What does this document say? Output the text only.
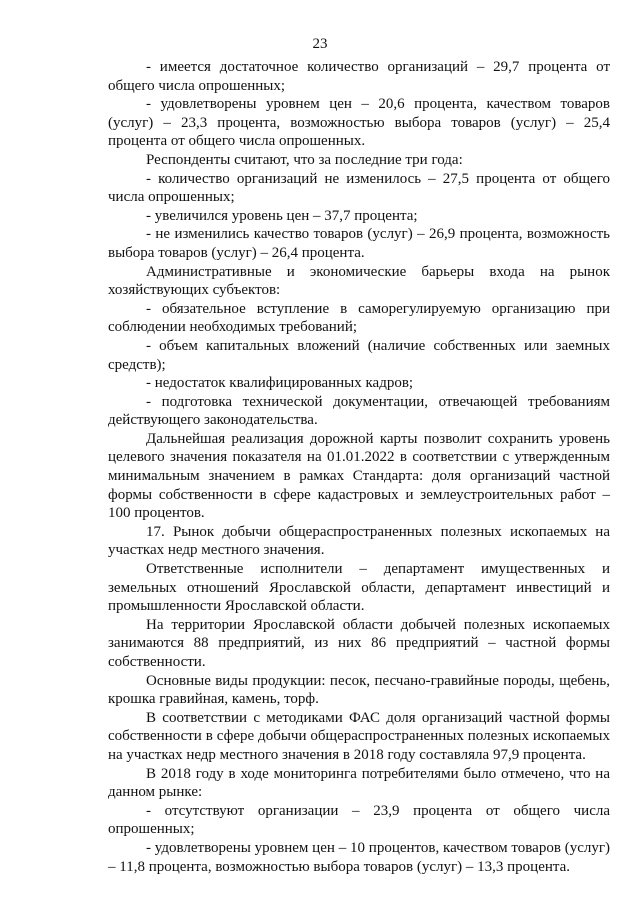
23

- имеется достаточное количество организаций – 29,7 процента от общего числа опрошенных;

- удовлетворены уровнем цен – 20,6 процента, качеством товаров (услуг) – 23,3 процента, возможностью выбора товаров (услуг) – 25,4 процента от общего числа опрошенных.

Респонденты считают, что за последние три года:

- количество организаций не изменилось – 27,5 процента от общего числа опрошенных;

- увеличился уровень цен – 37,7 процента;

- не изменились качество товаров (услуг) – 26,9 процента, возможность выбора товаров (услуг) – 26,4 процента.

Административные и экономические барьеры входа на рынок хозяйствующих субъектов:

- обязательное вступление в саморегулируемую организацию при соблюдении необходимых требований;

- объем капитальных вложений (наличие собственных или заемных средств);

- недостаток квалифицированных кадров;

- подготовка технической документации, отвечающей требованиям действующего законодательства.

Дальнейшая реализация дорожной карты позволит сохранить уровень целевого значения показателя на 01.01.2022 в соответствии с утвержденным минимальным значением в рамках Стандарта: доля организаций частной формы собственности в сфере кадастровых и землеустроительных работ – 100 процентов.

17. Рынок добычи общераспространенных полезных ископаемых на участках недр местного значения.

Ответственные исполнители – департамент имущественных и земельных отношений Ярославской области, департамент инвестиций и промышленности Ярославской области.

На территории Ярославской области добычей полезных ископаемых занимаются 88 предприятий, из них 86 предприятий – частной формы собственности.

Основные виды продукции: песок, песчано-гравийные породы, щебень, крошка гравийная, камень, торф.

В соответствии с методиками ФАС доля организаций частной формы собственности в сфере добычи общераспространенных полезных ископаемых на участках недр местного значения в 2018 году составляла 97,9 процента.

В 2018 году в ходе мониторинга потребителями было отмечено, что на данном рынке:

- отсутствуют организации – 23,9 процента от общего числа опрошенных;

- удовлетворены уровнем цен – 10 процентов, качеством товаров (услуг) – 11,8 процента, возможностью выбора товаров (услуг) – 13,3 процента.
